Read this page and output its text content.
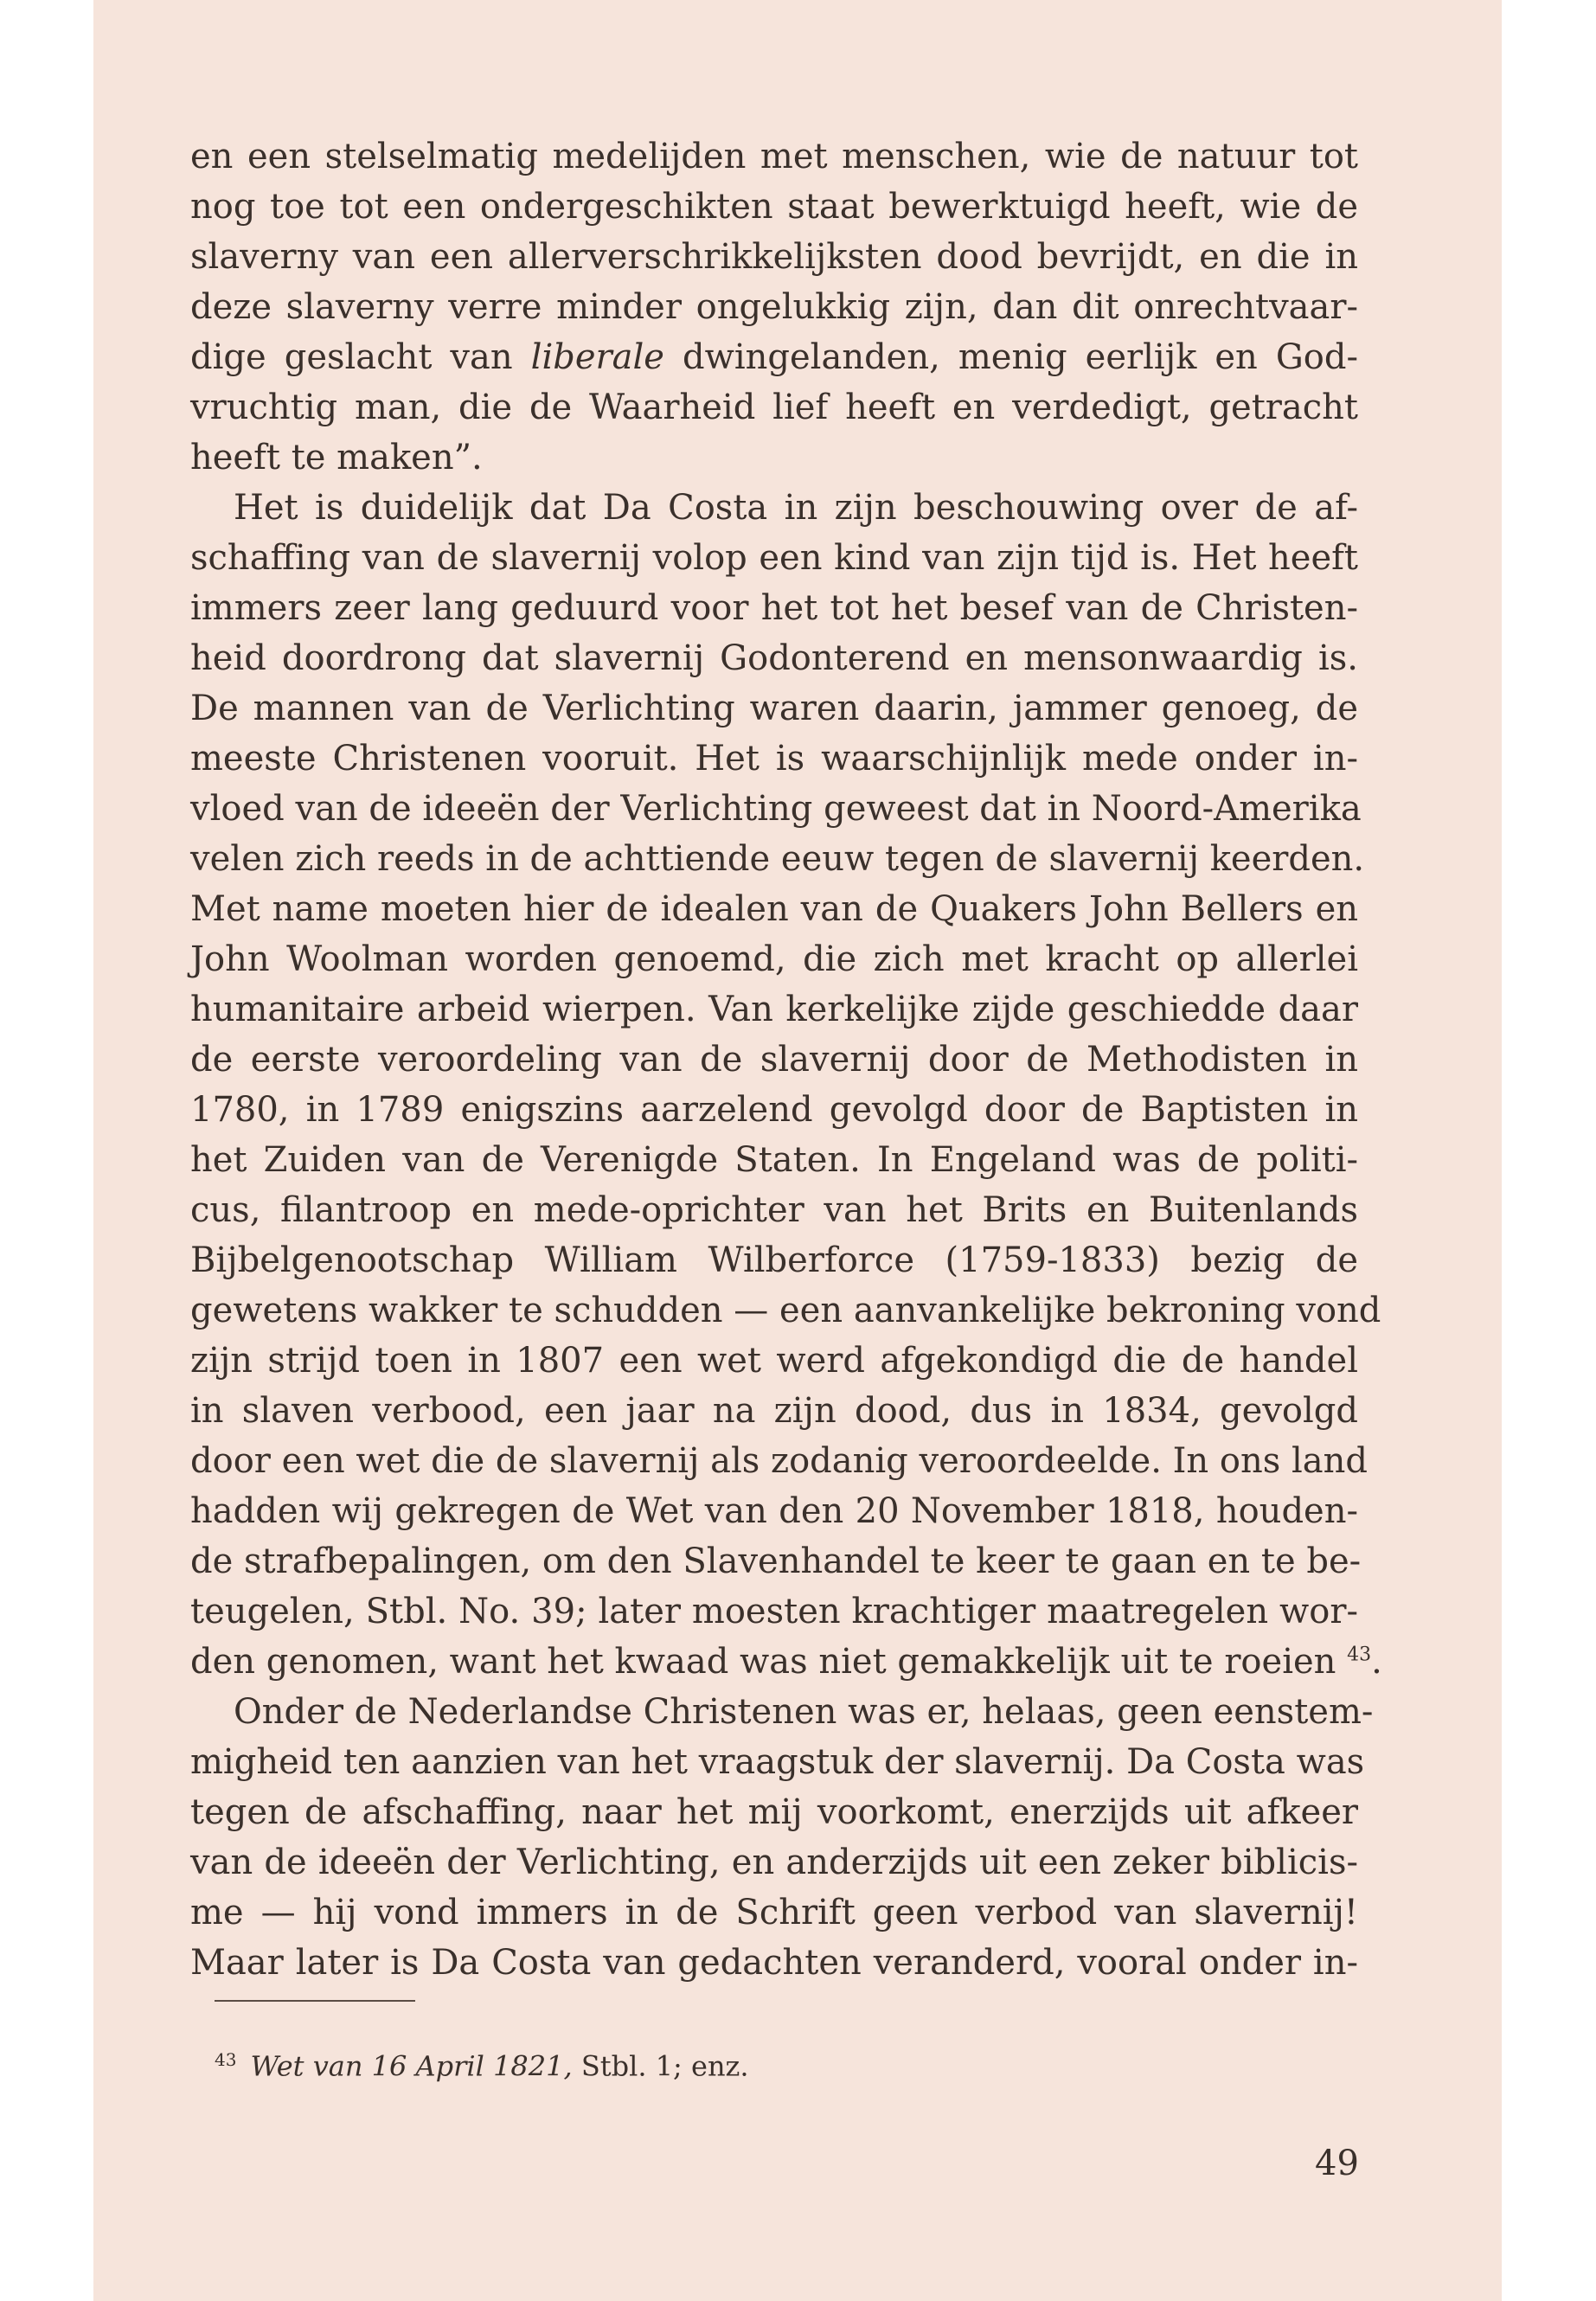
en een stelselmatig medelijden met menschen, wie de natuur tot
nog toe tot een ondergeschikten staat bewerktuigd heeft, wie de
slaverny van een allerverschrikkelijksten dood bevrijdt, en die in
deze slaverny verre minder ongelukkig zijn, dan dit onrechtvaar-
dige geslacht van liberale dwingelanden, menig eerlijk en God-
vruchtig man, die de Waarheid lief heeft en verdedigt, getracht
heeft te maken”.
Het is duidelijk dat Da Costa in zijn beschouwing over de af-
schaffing van de slavernij volop een kind van zijn tijd is. Het heeft
immers zeer lang geduurd voor het tot het besef van de Christen-
heid doordrong dat slavernij Godonterend en mensonwaardig is.
De mannen van de Verlichting waren daarin, jammer genoeg, de
meeste Christenen vooruit. Het is waarschijnlijk mede onder in-
vloed van de ideeën der Verlichting geweest dat in Noord-Amerika
velen zich reeds in de achttiende eeuw tegen de slavernij keerden.
Met name moeten hier de idealen van de Quakers John Bellers en
John Woolman worden genoemd, die zich met kracht op allerlei
humanitaire arbeid wierpen. Van kerkelijke zijde geschiedde daar
de eerste veroordeling van de slavernij door de Methodisten in
1780, in 1789 enigszins aarzelend gevolgd door de Baptisten in
het Zuiden van de Verenigde Staten. In Engeland was de politi-
cus, filantroop en mede-oprichter van het Brits en Buitenlands
Bijbelgenootschap William Wilberforce (1759-1833) bezig de
gewetens wakker te schudden — een aanvankelijke bekroning vond
zijn strijd toen in 1807 een wet werd afgekondigd die de handel
in slaven verbood, een jaar na zijn dood, dus in 1834, gevolgd
door een wet die de slavernij als zodanig veroordeelde. In ons land
hadden wij gekregen de Wet van den 20 November 1818, houden-
de strafbepalingen, om den Slavenhandel te keer te gaan en te be-
teugelen, Stbl. No. 39; later moesten krachtiger maatregelen wor-
den genomen, want het kwaad was niet gemakkelijk uit te roeien $^{43}$.
Onder de Nederlandse Christenen was er, helaas, geen eenstem-
migheid ten aanzien van het vraagstuk der slavernij. Da Costa was
tegen de afschaffing, naar het mij voorkomt, enerzijds uit afkeer
van de ideeën der Verlichting, en anderzijds uit een zeker biblicis-
me — hij vond immers in de Schrift geen verbod van slavernij!
Maar later is Da Costa van gedachten veranderd, vooral onder in-
$^{43}$ Wet van 16 April 1821, Stbl. 1; enz.
49
